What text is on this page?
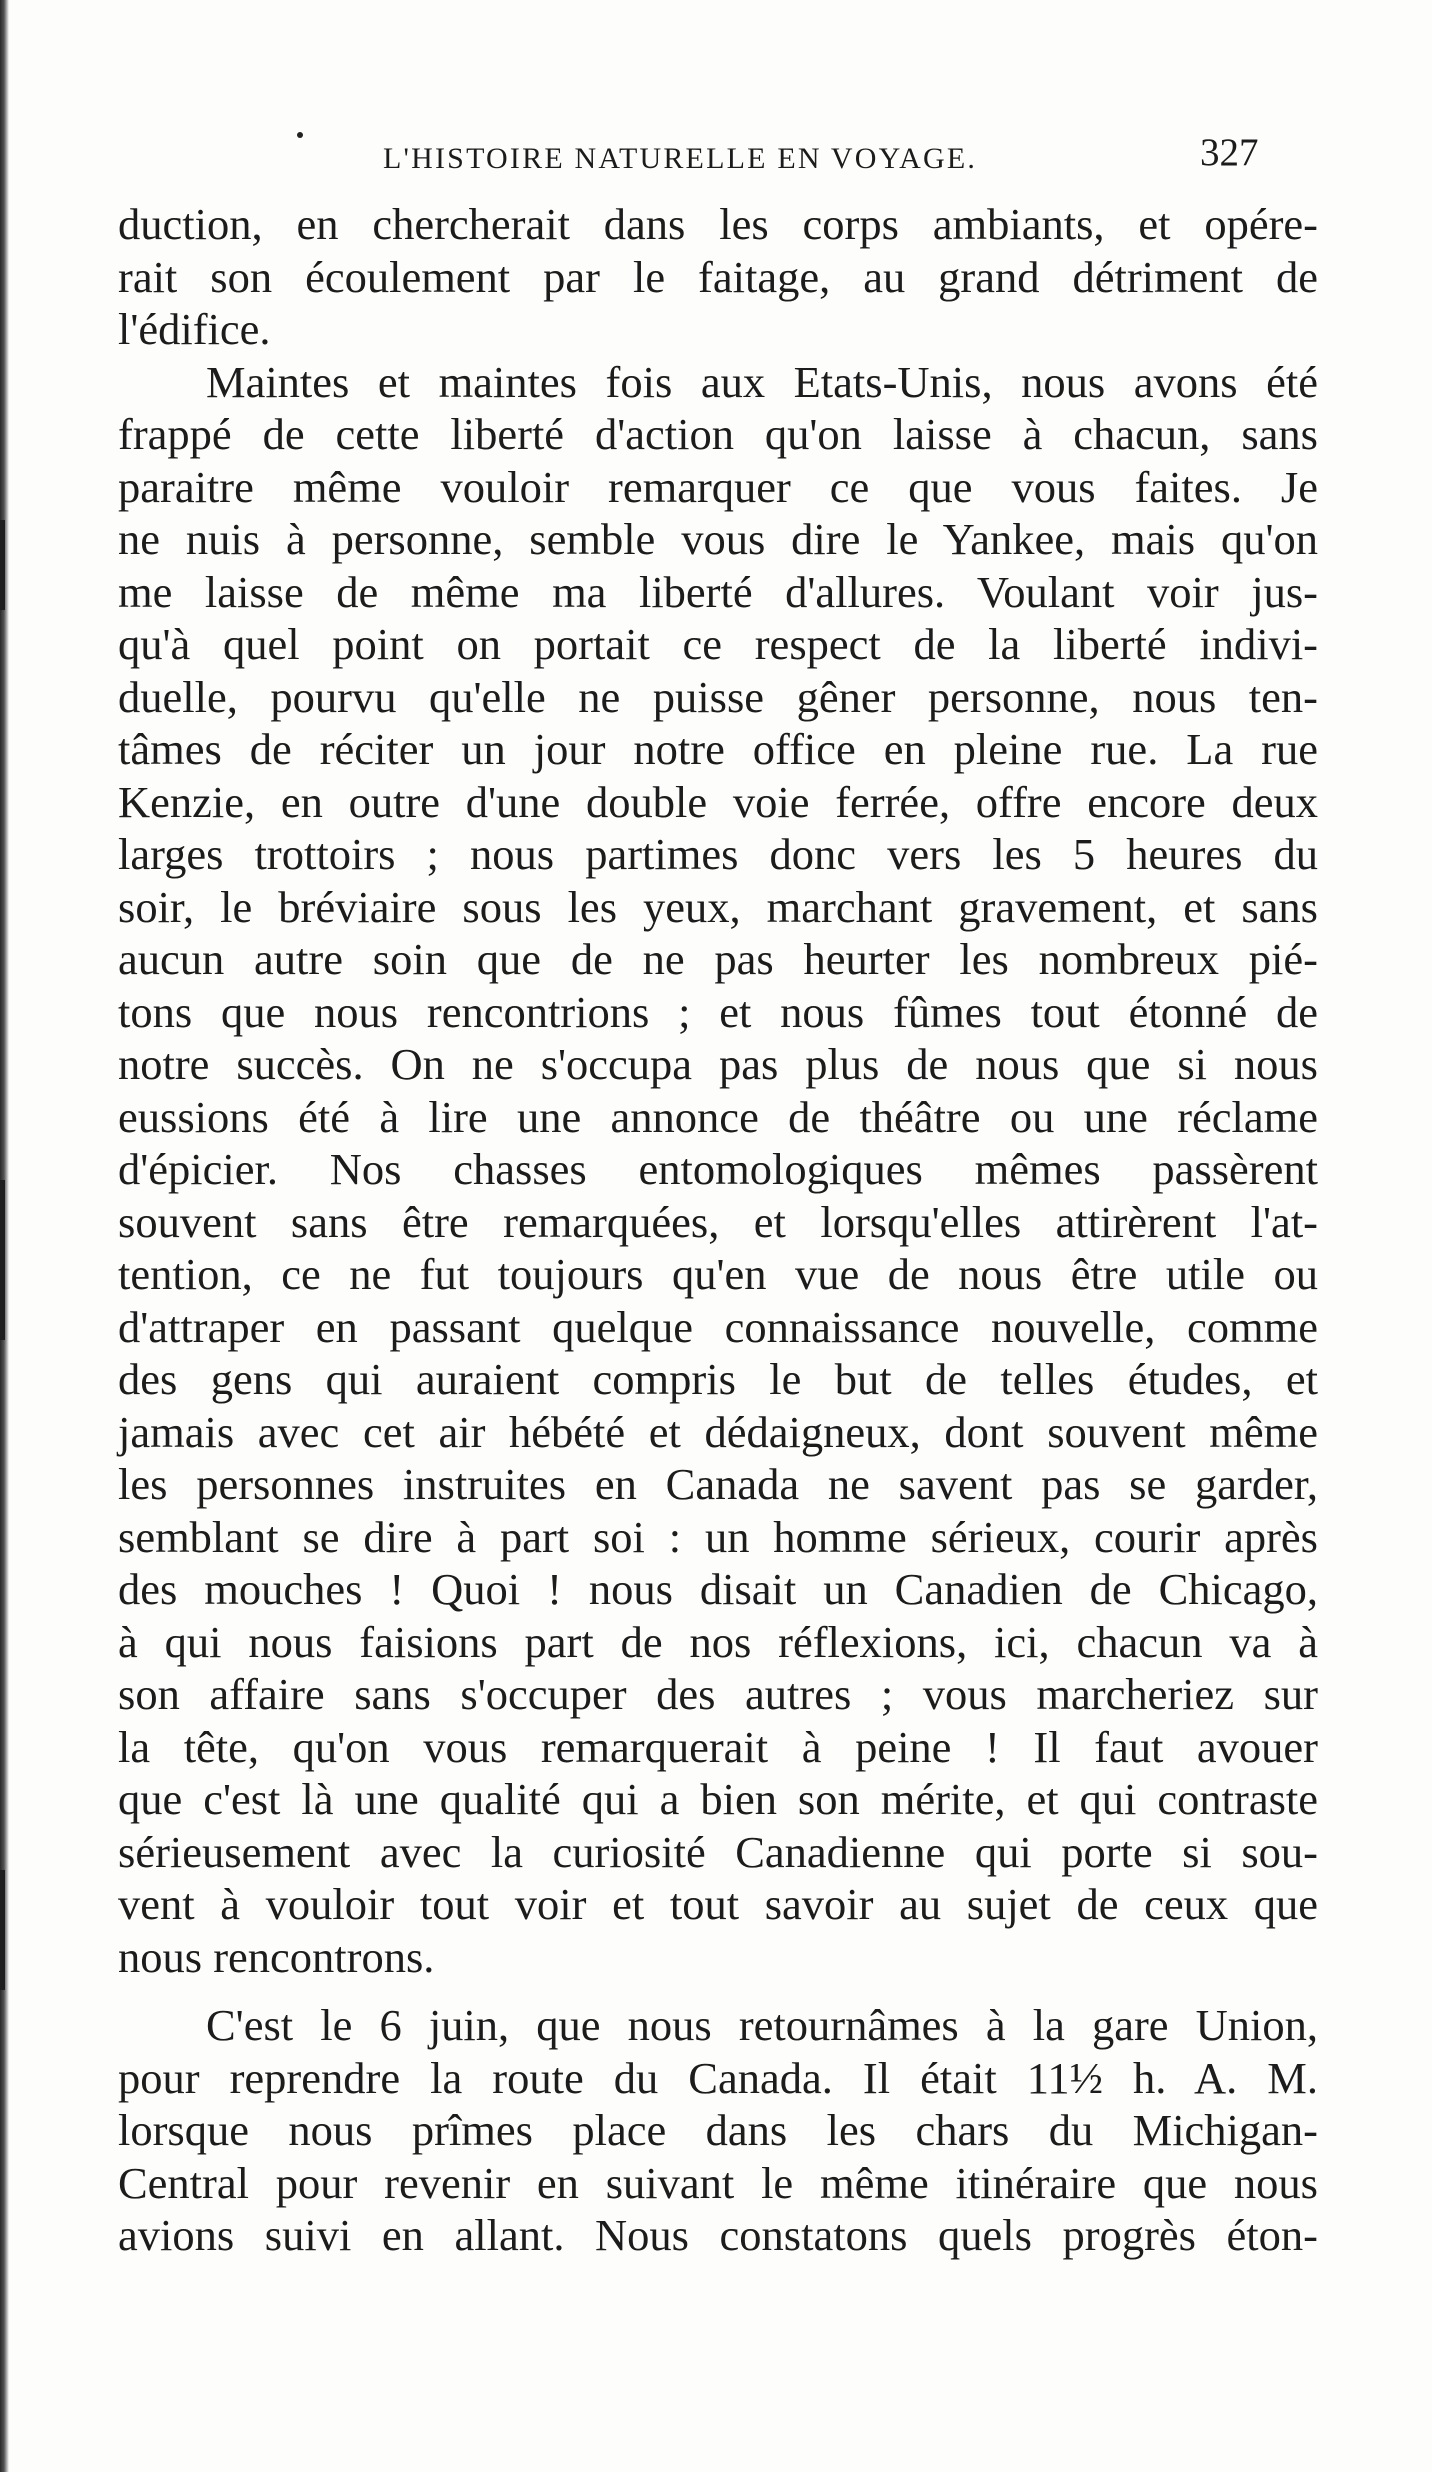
L'HISTOIRE NATURELLE EN VOYAGE.	327
duction, en chercherait dans les corps ambiants, et opére-
rait son écoulement par le faitage, au grand détriment de
l'édifice.
Maintes et maintes fois aux Etats-Unis, nous avons été
frappé de cette liberté d'action qu'on laisse à chacun, sans
paraitre même vouloir remarquer ce que vous faites. Je
ne nuis à personne, semble vous dire le Yankee, mais qu'on
me laisse de même ma liberté d'allures. Voulant voir jus-
qu'à quel point on portait ce respect de la liberté indivi-
duelle, pourvu qu'elle ne puisse gêner personne, nous ten-
tâmes de réciter un jour notre office en pleine rue. La rue
Kenzie, en outre d'une double voie ferrée, offre encore deux
larges trottoirs ; nous partimes donc vers les 5 heures du
soir, le bréviaire sous les yeux, marchant gravement, et sans
aucun autre soin que de ne pas heurter les nombreux pié-
tons que nous rencontrions ; et nous fûmes tout étonné de
notre succès. On ne s'occupa pas plus de nous que si nous
eussions été à lire une annonce de théâtre ou une réclame
d'épicier. Nos chasses entomologiques mêmes passèrent
souvent sans être remarquées, et lorsqu'elles attirèrent l'at-
tention, ce ne fut toujours qu'en vue de nous être utile ou
d'attraper en passant quelque connaissance nouvelle, comme
des gens qui auraient compris le but de telles études, et
jamais avec cet air hébété et dédaigneux, dont souvent même
les personnes instruites en Canada ne savent pas se garder,
semblant se dire à part soi : un homme sérieux, courir après
des mouches ! Quoi ! nous disait un Canadien de Chicago,
à qui nous faisions part de nos réflexions, ici, chacun va à
son affaire sans s'occuper des autres ; vous marcheriez sur
la tête, qu'on vous remarquerait à peine ! Il faut avouer
que c'est là une qualité qui a bien son mérite, et qui contraste
sérieusement avec la curiosité Canadienne qui porte si sou-
vent à vouloir tout voir et tout savoir au sujet de ceux que
nous rencontrons.
C'est le 6 juin, que nous retournâmes à la gare Union,
pour reprendre la route du Canada. Il était 11½ h. A. M.
lorsque nous prîmes place dans les chars du Michigan-
Central pour revenir en suivant le même itinéraire que nous
avions suivi en allant. Nous constatons quels progrès éton-
